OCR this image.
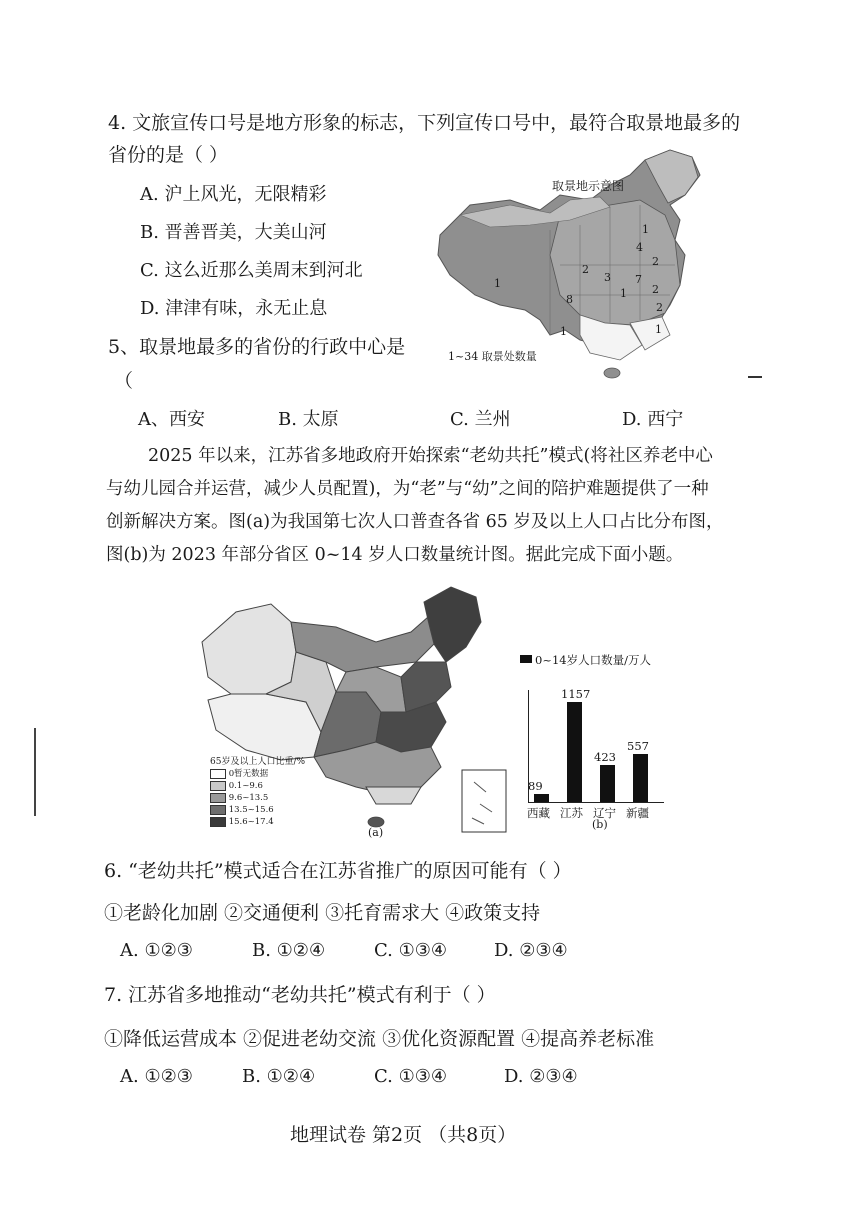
4. 文旅宣传口号是地方形象的标志，下列宣传口号中，最符合取景地最多的
省份的是（ ）
A. 沪上风光，无限精彩
B. 晋善晋美，大美山河
C. 这么近那么美周末到河北
D. 津津有味，永无止息
取景地示意图
1~34 取景处数量
1
2
3
8	1
4
2
2
7
2
1
1	1
5、取景地最多的省份的行政中心是
（
A、西安	B. 太原	C. 兰州	D. 西宁
2025 年以来，江苏省多地政府开始探索“老幼共托”模式(将社区养老中心
与幼儿园合并运营，减少人员配置)，为“老”与“幼”之间的陪护难题提供了一种
创新解决方案。图(a)为我国第七次人口普查各省 65 岁及以上人口占比分布图，
图(b)为 2023 年部分省区 0~14 岁人口数量统计图。据此完成下面小题。
65岁及以上人口比重/%
0暂无数据
0.1~9.6
9.6~13.5
13.5~15.6
15.6~17.4
(a)
0~14岁人口数量/万人
89
西藏
1157
江苏
423
辽宁
557
新疆
(b)
6. “老幼共托”模式适合在江苏省推广的原因可能有（ ）
①老龄化加剧 ②交通便利 ③托育需求大 ④政策支持
A. ①②③	B. ①②④	C. ①③④	D. ②③④
7. 江苏省多地推动“老幼共托”模式有利于（ ）
①降低运营成本 ②促进老幼交流 ③优化资源配置 ④提高养老标准
A. ①②③	B. ①②④	C. ①③④	D. ②③④
地理试卷 第2页 （共8页）
